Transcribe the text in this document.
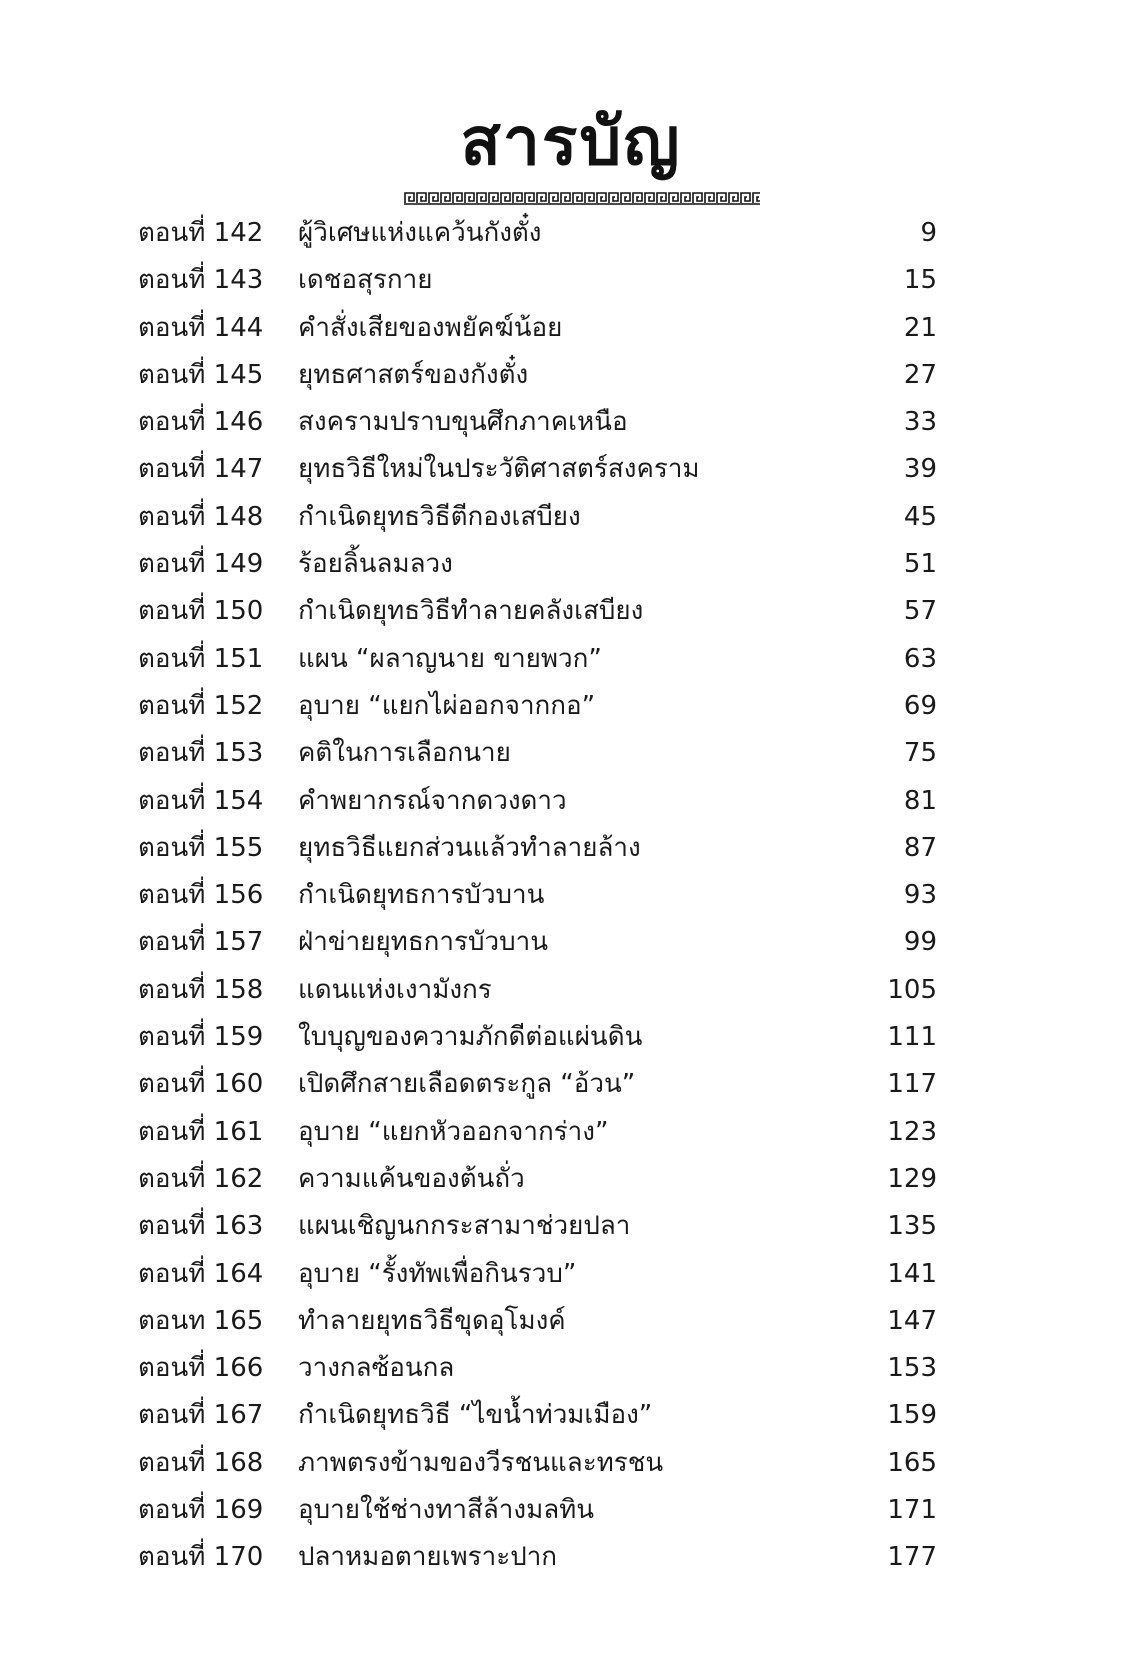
สารบัญ
ตอนที่ 142 ผู้วิเศษแห่งแคว้นกังตั๋ง	9
ตอนที่ 143 เดชอสุรกาย	15
ตอนที่ 144 คำสั่งเสียของพยัคฆ์น้อย	21
ตอนที่ 145 ยุทธศาสตร์ของกังตั๋ง	27
ตอนที่ 146 สงครามปราบขุนศึกภาคเหนือ	33
ตอนที่ 147 ยุทธวิธีใหม่ในประวัติศาสตร์สงคราม	39
ตอนที่ 148 กำเนิดยุทธวิธีตีกองเสบียง	45
ตอนที่ 149 ร้อยลิ้นลมลวง	51
ตอนที่ 150 กำเนิดยุทธวิธีทำลายคลังเสบียง	57
ตอนที่ 151 แผน “ผลาญนาย ขายพวก”	63
ตอนที่ 152 อุบาย “แยกไผ่ออกจากกอ”	69
ตอนที่ 153 คติในการเลือกนาย	75
ตอนที่ 154 คำพยากรณ์จากดวงดาว	81
ตอนที่ 155 ยุทธวิธีแยกส่วนแล้วทำลายล้าง	87
ตอนที่ 156 กำเนิดยุทธการบัวบาน	93
ตอนที่ 157 ฝ่าข่ายยุทธการบัวบาน	99
ตอนที่ 158 แดนแห่งเงามังกร	105
ตอนที่ 159 ใบบุญของความภักดีต่อแผ่นดิน	111
ตอนที่ 160 เปิดศึกสายเลือดตระกูล “อ้วน”	117
ตอนที่ 161 อุบาย “แยกหัวออกจากร่าง”	123
ตอนที่ 162 ความแค้นของต้นถั่ว	129
ตอนที่ 163 แผนเชิญนกกระสามาช่วยปลา	135
ตอนที่ 164 อุบาย “รั้งทัพเพื่อกินรวบ”	141
ตอนท 165 ทำลายยุทธวิธีขุดอุโมงค์	147
ตอนที่ 166 วางกลซ้อนกล	153
ตอนที่ 167 กำเนิดยุทธวิธี “ไขน้ำท่วมเมือง”	159
ตอนที่ 168 ภาพตรงข้ามของวีรชนและทรชน	165
ตอนที่ 169 อุบายใช้ช่างทาสีล้างมลทิน	171
ตอนที่ 170 ปลาหมอตายเพราะปาก	177
